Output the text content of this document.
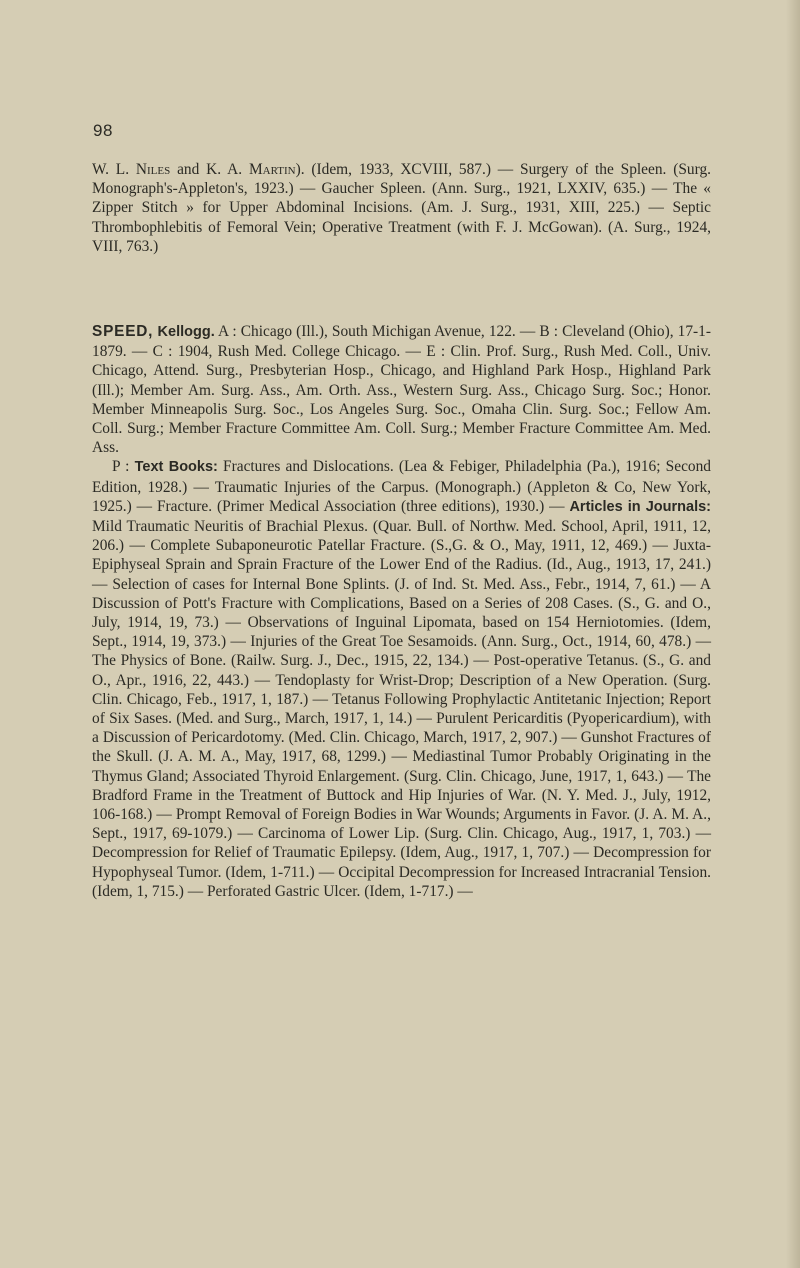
98

W. L. Niles and K. A. Martin). (Idem, 1933, XCVIII, 587.) — Surgery of the Spleen. (Surg. Monograph's-Appleton's, 1923.) — Gaucher Spleen. (Ann. Surg., 1921, LXXIV, 635.) — The « Zipper Stitch » for Upper Abdominal Incisions. (Am. J. Surg., 1931, XIII, 225.) — Septic Thrombophlebitis of Femoral Vein; Operative Treatment (with F. J. McGowan). (A. Surg., 1924, VIII, 763.)

SPEED, Kellogg. A : Chicago (Ill.), South Michigan Avenue, 122. — B : Cleveland (Ohio), 17-1-1879. — C : 1904, Rush Med. College Chicago. — E : Clin. Prof. Surg., Rush Med. Coll., Univ. Chicago, Attend. Surg., Presbyterian Hosp., Chicago, and Highland Park Hosp., Highland Park (Ill.); Member Am. Surg. Ass., Am. Orth. Ass., Western Surg. Ass., Chicago Surg. Soc.; Honor. Member Minneapolis Surg. Soc., Los Angeles Surg. Soc., Omaha Clin. Surg. Soc.; Fellow Am. Coll. Surg.; Member Fracture Committee Am. Coll. Surg.; Member Fracture Committee Am. Med. Ass.

P : Text Books: Fractures and Dislocations. (Lea & Febiger, Philadelphia (Pa.), 1916; Second Edition, 1928.) — Traumatic Injuries of the Carpus. (Monograph.) (Appleton & Co, New York, 1925.) — Fracture. (Primer Medical Association (three editions), 1930.) — Articles in Journals: Mild Traumatic Neuritis of Brachial Plexus. (Quar. Bull. of Northw. Med. School, April, 1911, 12, 206.) — Complete Subaponeurotic Patellar Fracture. (S.,G. & O., May, 1911, 12, 469.) — Juxta-Epiphyseal Sprain and Sprain Fracture of the Lower End of the Radius. (Id., Aug., 1913, 17, 241.) — Selection of cases for Internal Bone Splints. (J. of Ind. St. Med. Ass., Febr., 1914, 7, 61.) — A Discussion of Pott's Fracture with Complications, Based on a Series of 208 Cases. (S., G. and O., July, 1914, 19, 73.) — Observations of Inguinal Lipomata, based on 154 Herniotomies. (Idem, Sept., 1914, 19, 373.) — Injuries of the Great Toe Sesamoids. (Ann. Surg., Oct., 1914, 60, 478.) — The Physics of Bone. (Railw. Surg. J., Dec., 1915, 22, 134.) — Post-operative Tetanus. (S., G. and O., Apr., 1916, 22, 443.) — Tendoplasty for Wrist-Drop; Description of a New Operation. (Surg. Clin. Chicago, Feb., 1917, 1, 187.) — Tetanus Following Prophylactic Antitetanic Injection; Report of Six Sases. (Med. and Surg., March, 1917, 1, 14.) — Purulent Pericarditis (Pyopericardium), with a Discussion of Pericardotomy. (Med. Clin. Chicago, March, 1917, 2, 907.) — Gunshot Fractures of the Skull. (J. A. M. A., May, 1917, 68, 1299.) — Mediastinal Tumor Probably Originating in the Thymus Gland; Associated Thyroid Enlargement. (Surg. Clin. Chicago, June, 1917, 1, 643.) — The Bradford Frame in the Treatment of Buttock and Hip Injuries of War. (N. Y. Med. J., July, 1912, 106-168.) — Prompt Removal of Foreign Bodies in War Wounds; Arguments in Favor. (J. A. M. A., Sept., 1917, 69-1079.) — Carcinoma of Lower Lip. (Surg. Clin. Chicago, Aug., 1917, 1, 703.) — Decompression for Relief of Traumatic Epilepsy. (Idem, Aug., 1917, 1, 707.) — Decompression for Hypophyseal Tumor. (Idem, 1-711.) — Occipital Decompression for Increased Intracranial Tension. (Idem, 1, 715.) — Perforated Gastric Ulcer. (Idem, 1-717.) —
